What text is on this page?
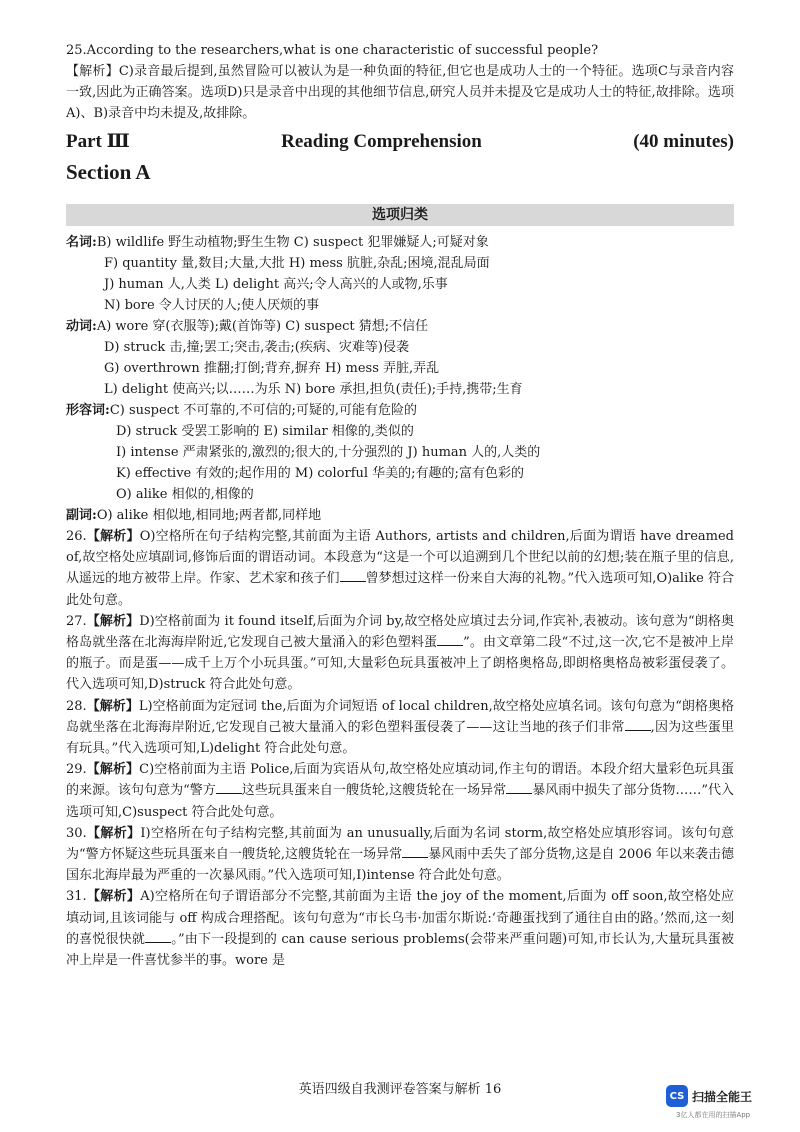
25.According to the researchers,what is one characteristic of successful people?

【解析】C)录音最后提到,虽然冒险可以被认为是一种负面的特征,但它也是成功人士的一个特征。选项C与录音内容一致,因此为正确答案。选项D)只是录音中出现的其他细节信息,研究人员并未提及它是成功人士的特征,故排除。选项A)、B)录音中均未提及,故排除。

Part Ⅲ	Reading Comprehension	(40 minutes)
Section A
选项归类
名词:B) wildlife 野生动植物;野生生物 C) suspect 犯罪嫌疑人;可疑对象
F) quantity 量,数目;大量,大批 H) mess 肮脏,杂乱;困境,混乱局面
J) human 人,人类 L) delight 高兴;令人高兴的人或物,乐事
N) bore 令人讨厌的人;使人厌烦的事
动词:A) wore 穿(衣服等);戴(首饰等) C) suspect 猜想;不信任
D) struck 击,撞;罢工;突击,袭击;(疾病、灾难等)侵袭
G) overthrown 推翻;打倒;背弃,摒弃 H) mess 弄脏,弄乱
L) delight 使高兴;以……为乐 N) bore 承担,担负(责任);手持,携带;生育
形容词:C) suspect 不可靠的,不可信的;可疑的,可能有危险的
D) struck 受罢工影响的 E) similar 相像的,类似的
I) intense 严肃紧张的,激烈的;很大的,十分强烈的 J) human 人的,人类的
K) effective 有效的;起作用的 M) colorful 华美的;有趣的;富有色彩的
O) alike 相似的,相像的
副词:O) alike 相似地,相同地;两者都,同样地

26.【解析】O)空格所在句子结构完整,其前面为主语 Authors, artists and children,后面为谓语 have dreamed of,故空格处应填副词,修饰后面的谓语动词。本段意为“这是一个可以追溯到几个世纪以前的幻想;装在瓶子里的信息,从遥远的地方被带上岸。作家、艺术家和孩子们 曾梦想过这样一份来自大海的礼物。”代入选项可知,O)alike 符合此处句意。

27.【解析】D)空格前面为 it found itself,后面为介词 by,故空格处应填过去分词,作宾补,表被动。该句意为“朗格奥格岛就坐落在北海海岸附近,它发现自己被大量涌入的彩色塑料蛋 ”。由文章第二段“不过,这一次,它不是被冲上岸的瓶子。而是蛋——成千上万个小玩具蛋。”可知,大量彩色玩具蛋被冲上了朗格奥格岛,即朗格奥格岛被彩蛋侵袭了。代入选项可知,D)struck 符合此处句意。

28.【解析】L)空格前面为定冠词 the,后面为介词短语 of local children,故空格处应填名词。该句句意为“朗格奥格岛就坐落在北海海岸附近,它发现自己被大量涌入的彩色塑料蛋侵袭了——这让当地的孩子们非常 ,因为这些蛋里有玩具。”代入选项可知,L)delight 符合此处句意。

29.【解析】C)空格前面为主语 Police,后面为宾语从句,故空格处应填动词,作主句的谓语。本段介绍大量彩色玩具蛋的来源。该句句意为“警方 这些玩具蛋来自一艘货轮,这艘货轮在一场异常 暴风雨中损失了部分货物……”代入选项可知,C)suspect 符合此处句意。

30.【解析】I)空格所在句子结构完整,其前面为 an unusually,后面为名词 storm,故空格处应填形容词。该句句意为“警方怀疑这些玩具蛋来自一艘货轮,这艘货轮在一场异常 暴风雨中丢失了部分货物,这是自 2006 年以来袭击德国东北海岸最为严重的一次暴风雨。”代入选项可知,I)intense 符合此处句意。

31.【解析】A)空格所在句子谓语部分不完整,其前面为主语 the joy of the moment,后面为 off soon,故空格处应填动词,且该词能与 off 构成合理搭配。该句句意为“市长乌韦·加雷尔斯说:‘奇趣蛋找到了通往自由的路。’然而,这一刻的喜悦很快就 。”由下一段提到的 can cause serious problems(会带来严重问题)可知,市长认为,大量玩具蛋被冲上岸是一件喜忧参半的事。wore 是

英语四级自我测评卷答案与解析 16	CS 扫描全能王
3亿人都在用的扫描App
